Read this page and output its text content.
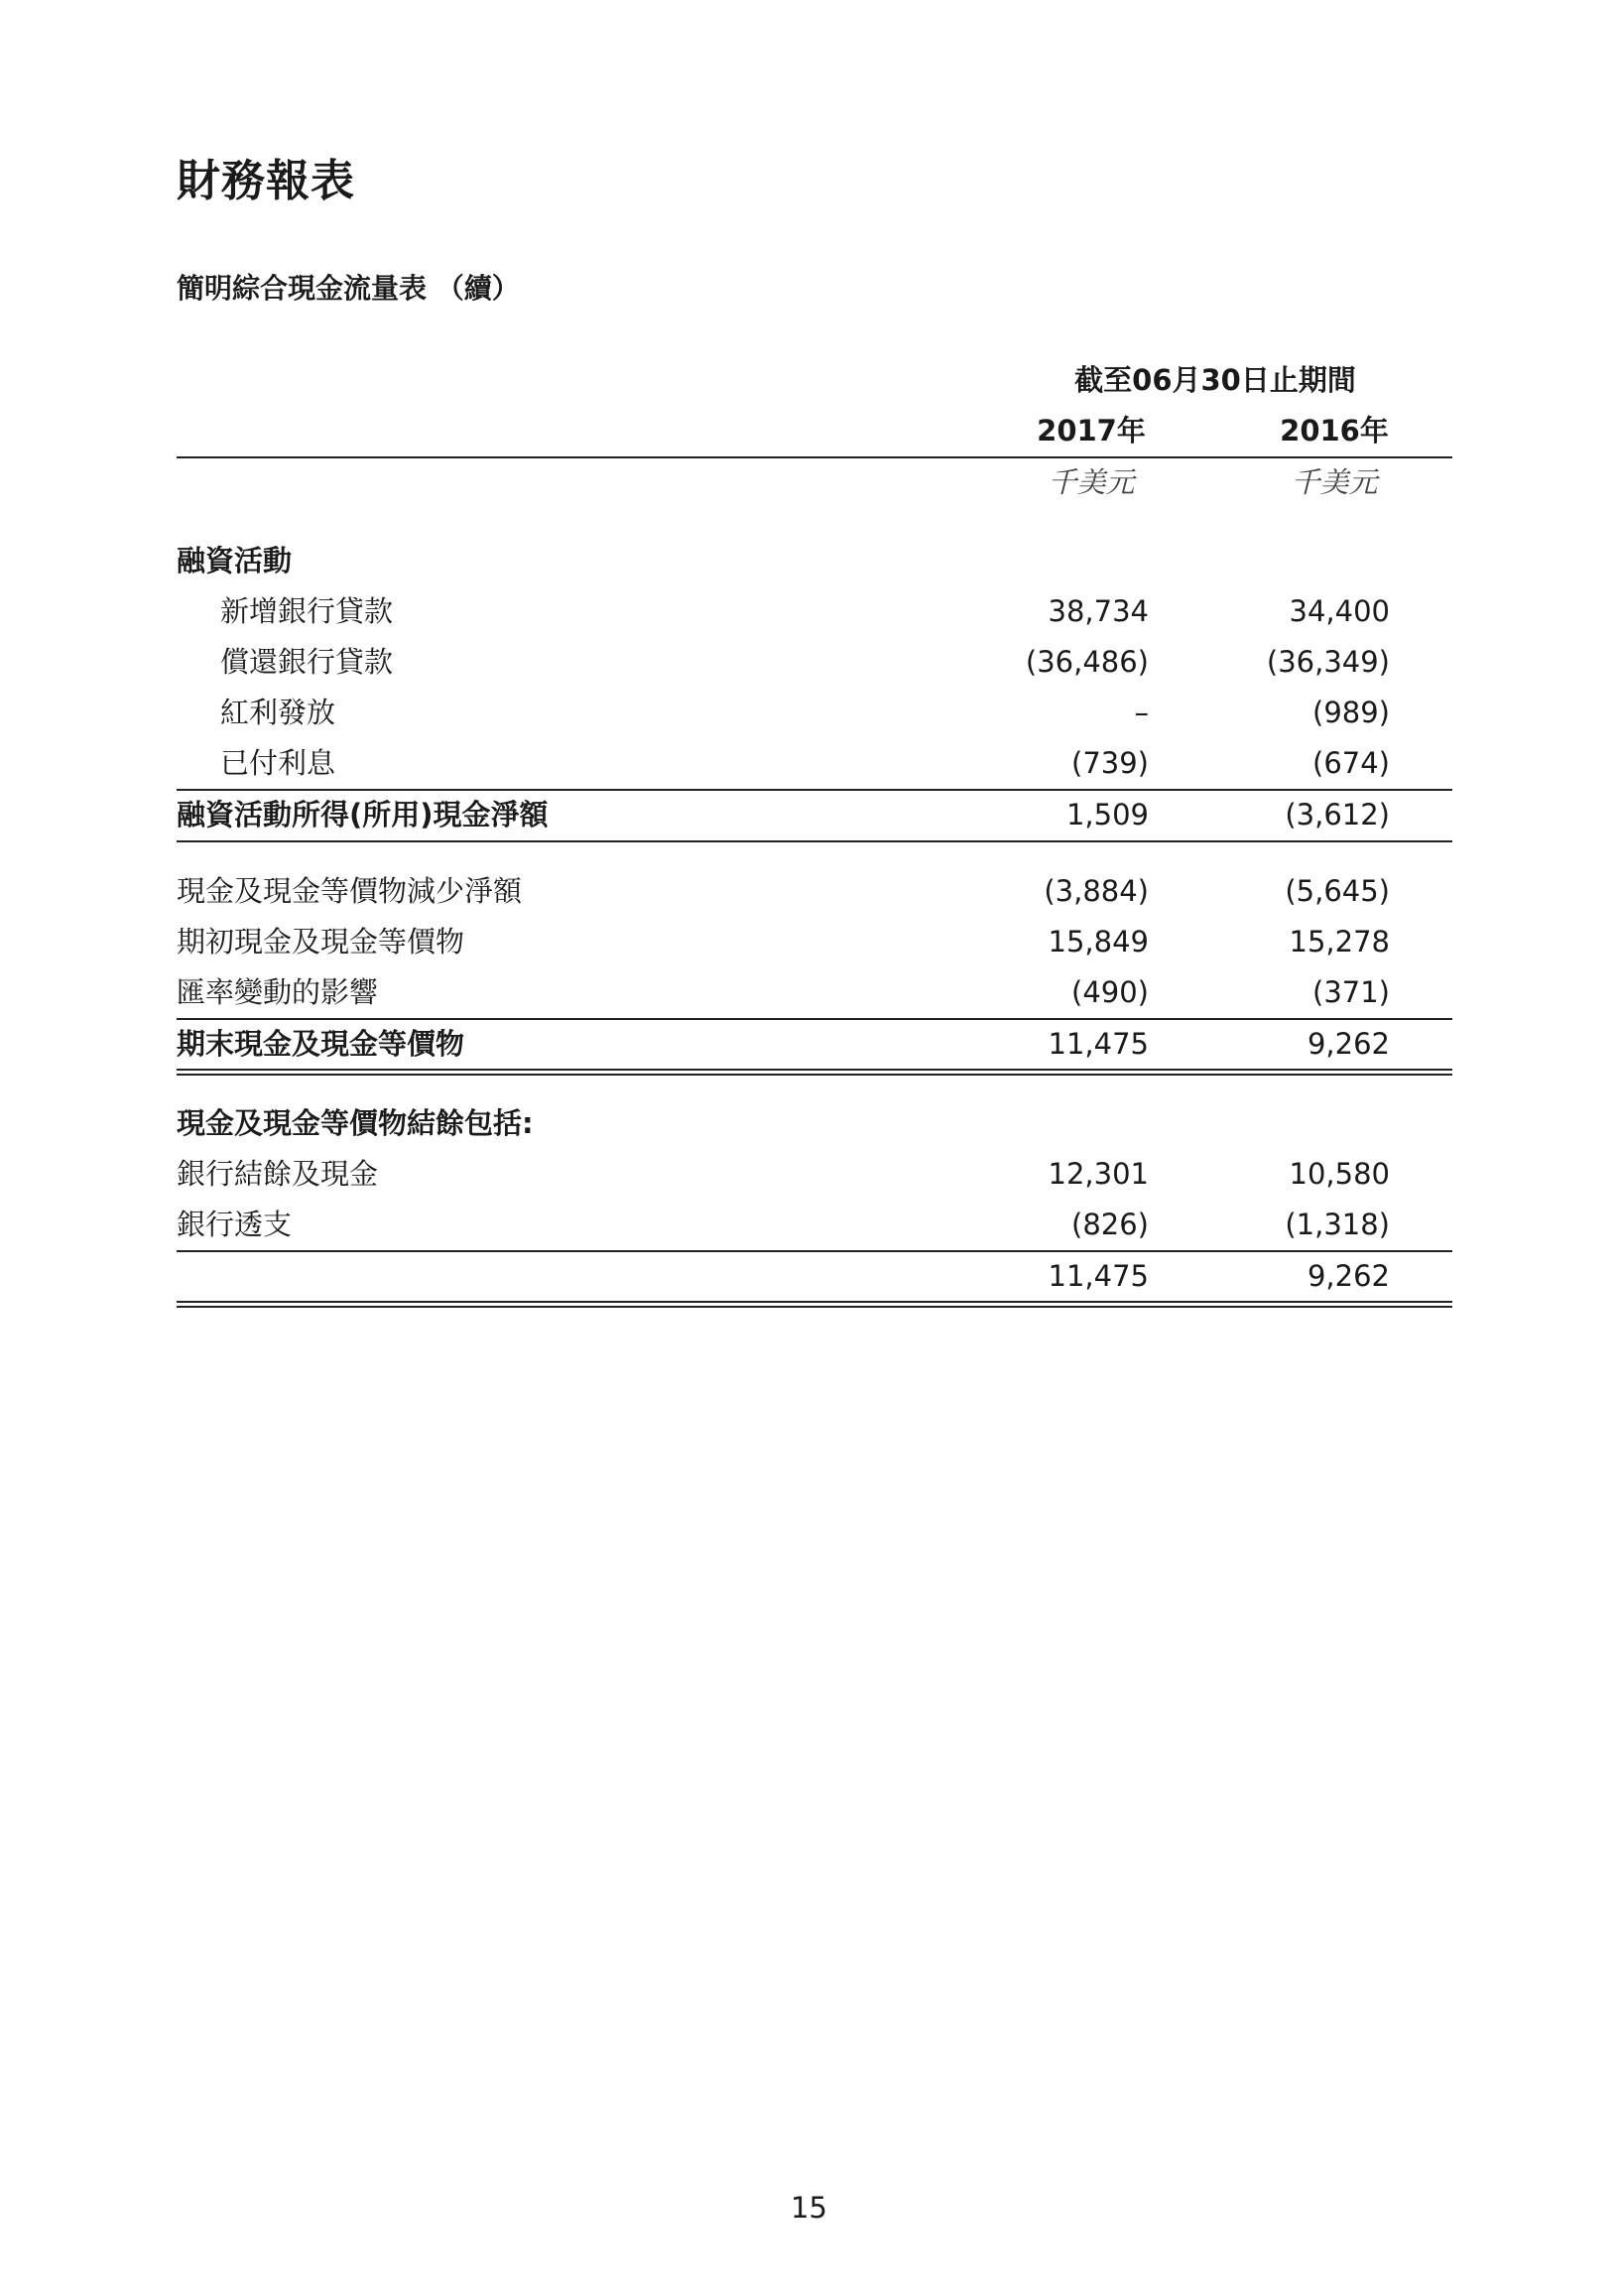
財務報表
簡明綜合現金流量表 （續）
截至06月30日止期間
2017年	2016年
千美元	千美元
融資活動
新增銀行貸款	38,734	34,400
償還銀行貸款	(36,486)	(36,349)
紅利發放	–	(989)
已付利息	(739)	(674)
融資活動所得(所用)現金淨額	1,509	(3,612)
現金及現金等價物減少淨額	(3,884)	(5,645)
期初現金及現金等價物	15,849	15,278
匯率變動的影響	(490)	(371)
期末現金及現金等價物	11,475	9,262
現金及現金等價物結餘包括:
銀行結餘及現金	12,301	10,580
銀行透支	(826)	(1,318)
11,475	9,262
15
